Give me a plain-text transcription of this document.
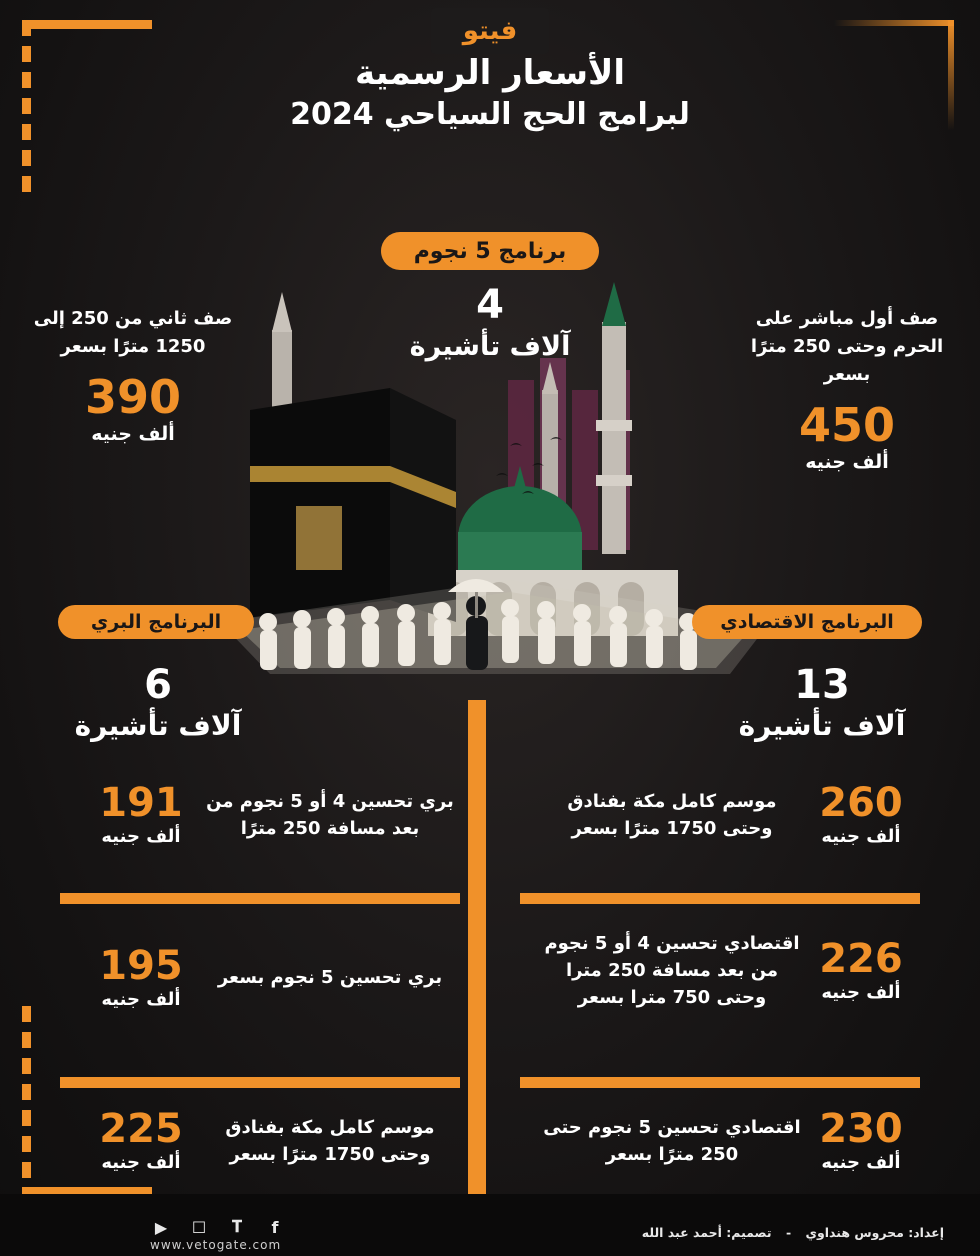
فيتو
الأسعار الرسمية
لبرامج الحج السياحي 2024
برنامج 5 نجوم
4
آلاف تأشيرة
صف أول مباشر على الحرم وحتى 250 مترًا بسعر
450
ألف جنيه
صف ثاني من 250 إلى 1250 مترًا بسعر
390
ألف جنيه
البرنامج البري
6
آلاف تأشيرة
البرنامج الاقتصادي
13
آلاف تأشيرة
260
ألف جنيه
موسم كامل مكة بفنادق وحتى 1750 مترًا بسعر
226
ألف جنيه
اقتصادي تحسين 4 أو 5 نجوم من بعد مسافة 250 مترا وحتى 750 مترا بسعر
230
ألف جنيه
اقتصادي تحسين 5 نجوم حتى 250 مترًا بسعر
بري تحسين 4 أو 5 نجوم من بعد مسافة 250 مترًا
191
ألف جنيه
بري تحسين 5 نجوم بسعر
195
ألف جنيه
موسم كامل مكة بفنادق وحتى 1750 مترًا بسعر
225
ألف جنيه
f
𝐓
☐
▶
www.vetogate.com
إعداد: محروس هنداوي - تصميم: أحمد عبد الله
